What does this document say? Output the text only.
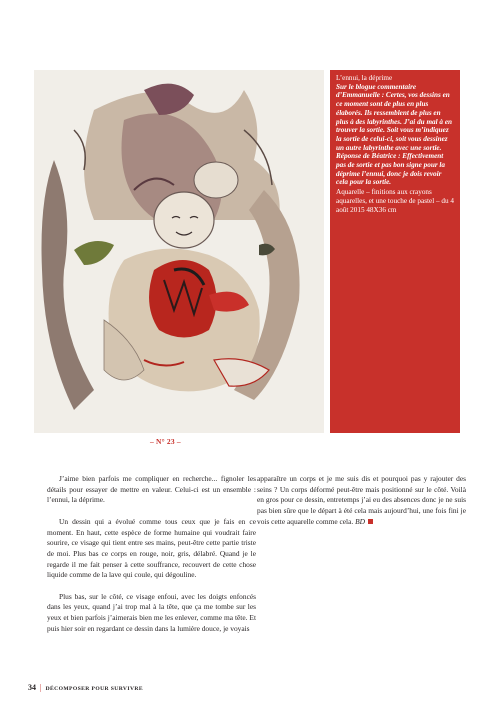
L’ennui, la déprime

Sur le blogue commentaire d’Emmanuelle : Certes, vos dessins en ce moment sont de plus en plus élaborés. Ils ressemblent de plus en plus à des labyrinthes. J’ai du mal à en trouver la sortie. Soit vous m’indiquez la sortie de celui-ci, soit vous dessinez un autre labyrinthe avec une sortie. Réponse de Béatrice : Effectivement pas de sortie et pas bon signe pour la déprime l’ennui, donc je dois revoir cela pour la sortie.

Aquarelle – finitions aux crayons aquarelles, et une touche de pastel – du 4 août 2015 48X36 cm

– N° 23 –

J’aime bien parfois me compliquer en recherche... fignoler les détails pour essayer de mettre en valeur. Celui-ci est un ensemble : l’ennui, la déprime.

Un dessin qui a évolué comme tous ceux que je fais en ce moment. En haut, cette espèce de forme humaine qui voudrait faire sourire, ce visage qui tient entre ses mains, peut-être cette partie triste de moi. Plus bas ce corps en rouge, noir, gris, délabré. Quand je le regarde il me fait penser à cette souffrance, recouvert de cette chose liquide comme de la lave qui coule, qui dégouline.

Plus bas, sur le côté, ce visage enfoui, avec les doigts enfoncés dans les yeux, quand j’ai trop mal à la tête, que ça me tombe sur les yeux et bien parfois j’aimerais bien me les enlever, comme ma tête. Et puis hier soir en regardant ce dessin dans la lumière douce, je voyais

apparaître un corps et je me suis dis et pourquoi pas y rajouter des seins ? Un corps déformé peut-être mais positionné sur le côté. Voilà en gros pour ce dessin, entretemps j’ai eu des absences donc je ne suis pas bien sûre que le départ à été cela mais aujourd’hui, une fois fini je vois cette aquarelle comme cela. BD

34 | DÉCOMPOSER POUR SURVIVRE
